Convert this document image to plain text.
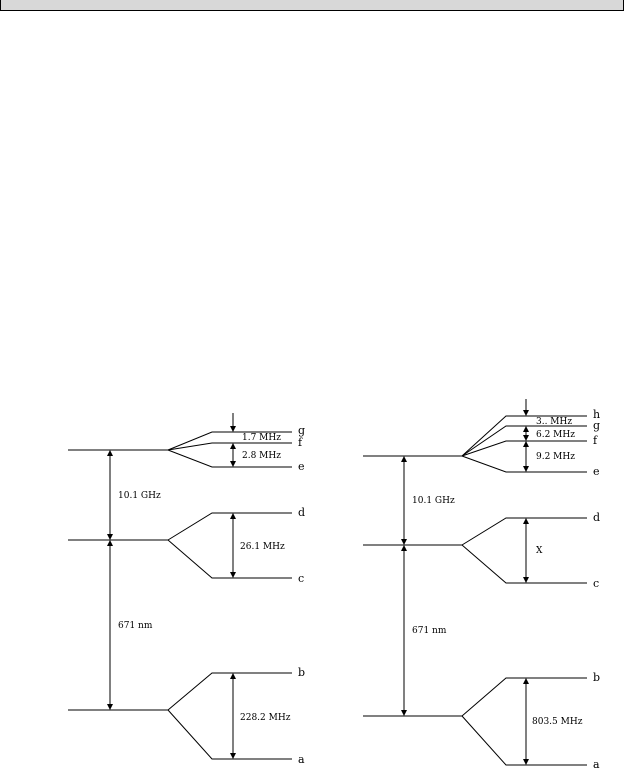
1.7 MHz
2.8 MHz
26.1 MHz
228.2 MHz
10.1 GHz
671 nm
g
f
e
d
c
b
a
3.. MHz
6.2 MHz
9.2 MHz
X
803.5 MHz
10.1 GHz
671 nm
h
g
f
e
d
c
b
a
